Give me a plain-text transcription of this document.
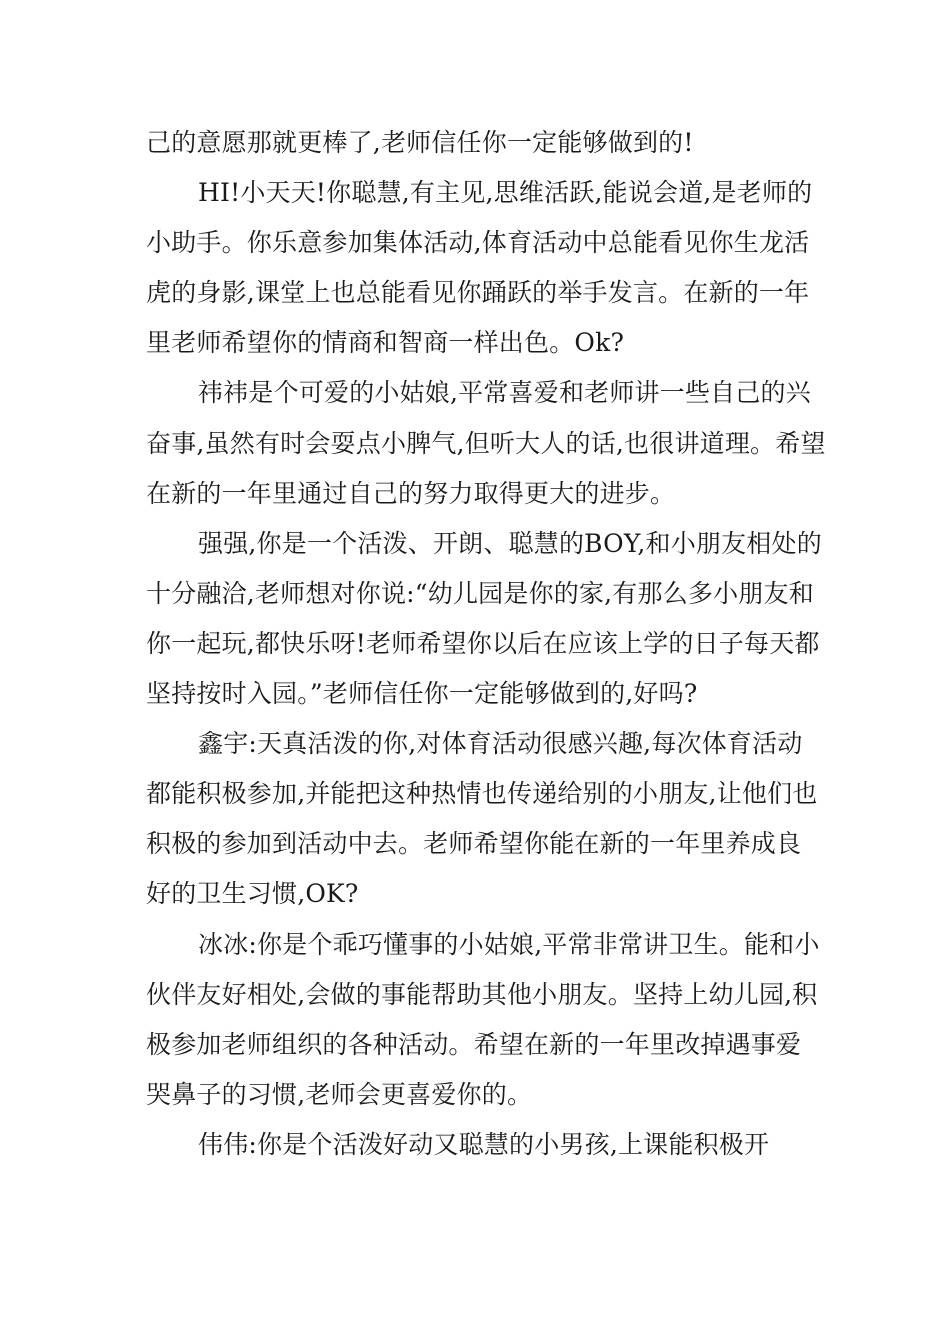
己的意愿那就更棒了,老师信任你一定能够做到的!

HI!小天天!你聪慧,有主见,思维活跃,能说会道,是老师的小助手。你乐意参加集体活动,体育活动中总能看见你生龙活虎的身影,课堂上也总能看见你踊跃的举手发言。在新的一年里老师希望你的情商和智商一样出色。Ok?

祎祎是个可爱的小姑娘,平常喜爱和老师讲一些自己的兴奋事,虽然有时会耍点小脾气,但听大人的话,也很讲道理。希望在新的一年里通过自己的努力取得更大的进步。

强强,你是一个活泼、开朗、聪慧的BOY,和小朋友相处的十分融洽,老师想对你说:“幼儿园是你的家,有那么多小朋友和你一起玩,都快乐呀!老师希望你以后在应该上学的日子每天都坚持按时入园。”老师信任你一定能够做到的,好吗?

鑫宇:天真活泼的你,对体育活动很感兴趣,每次体育活动都能积极参加,并能把这种热情也传递给别的小朋友,让他们也积极的参加到活动中去。老师希望你能在新的一年里养成良好的卫生习惯,OK?

冰冰:你是个乖巧懂事的小姑娘,平常非常讲卫生。能和小伙伴友好相处,会做的事能帮助其他小朋友。坚持上幼儿园,积极参加老师组织的各种活动。希望在新的一年里改掉遇事爱哭鼻子的习惯,老师会更喜爱你的。

伟伟:你是个活泼好动又聪慧的小男孩,上课能积极开
